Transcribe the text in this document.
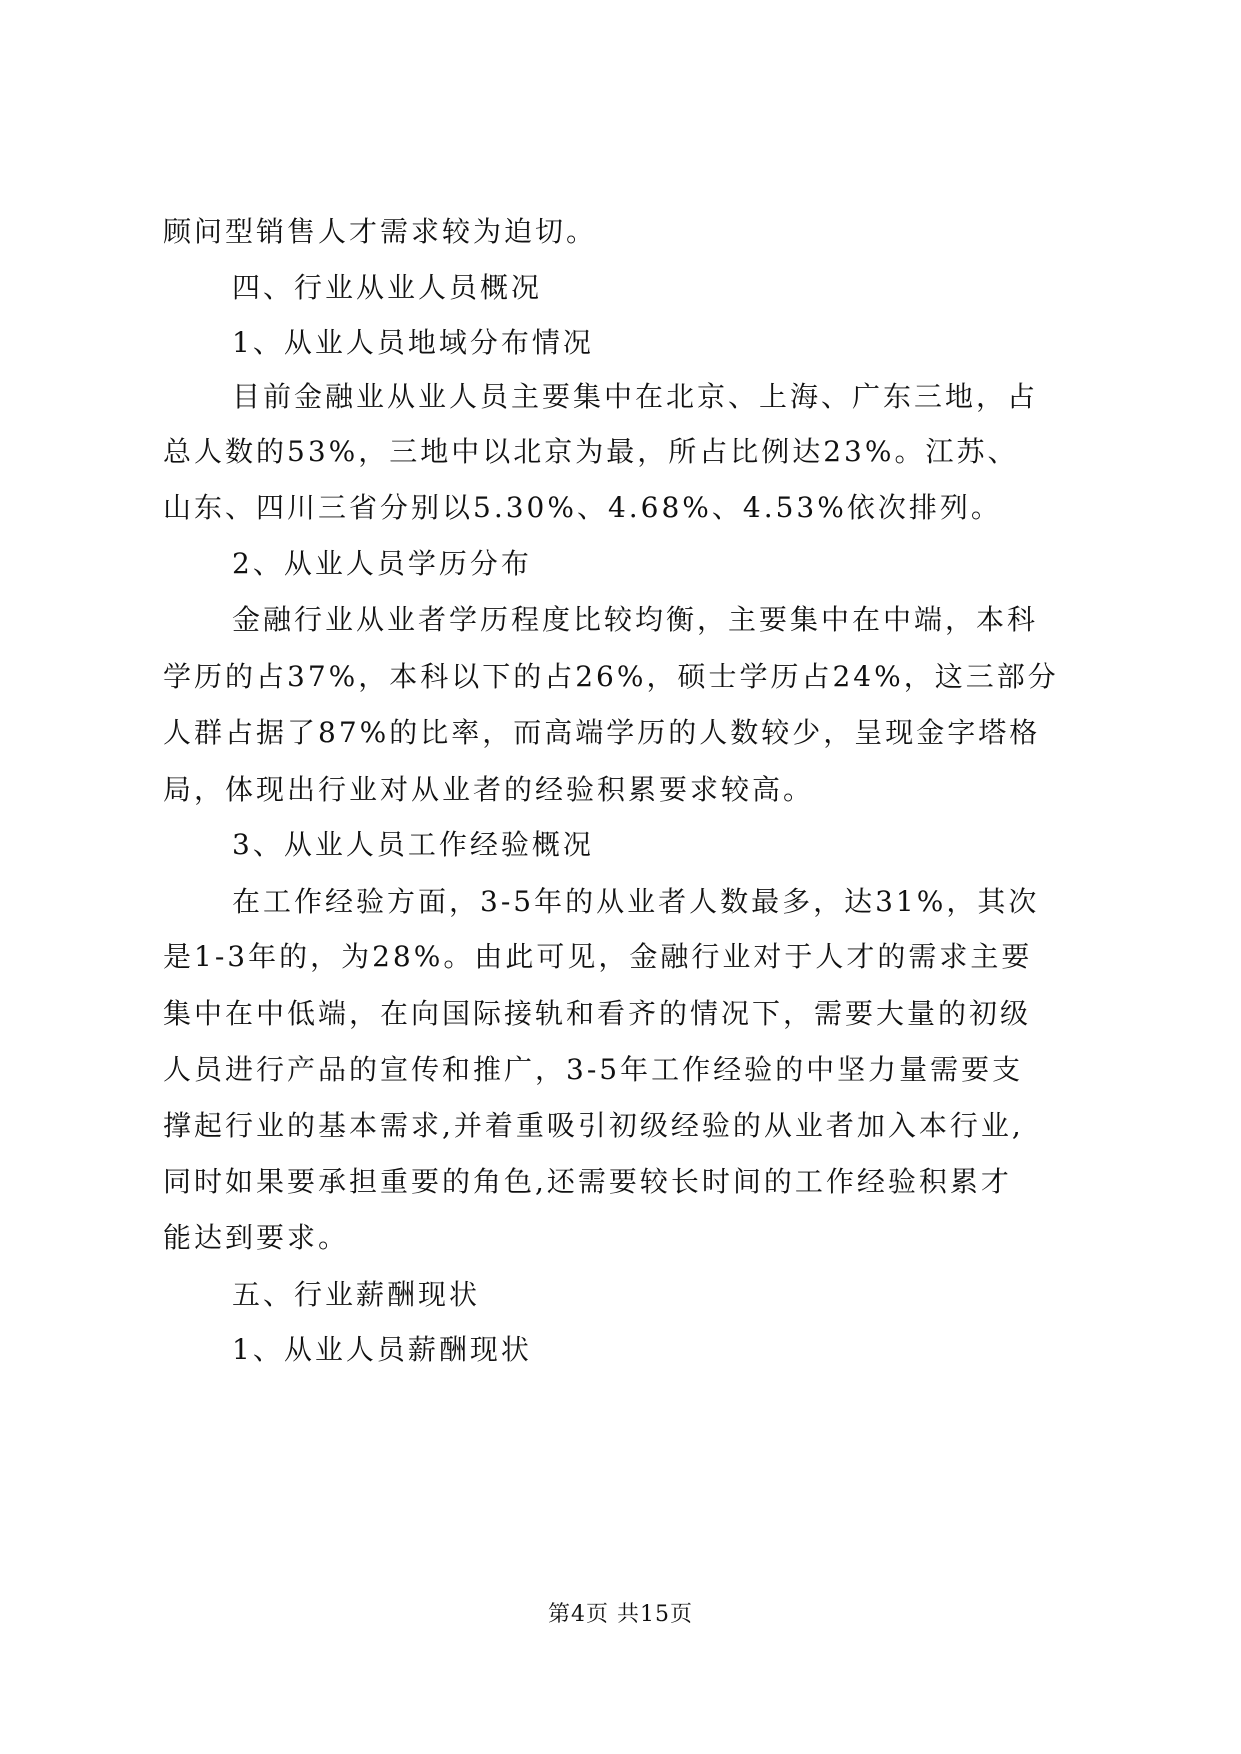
顾问型销售人才需求较为迫切。
四、行业从业人员概况
1、从业人员地域分布情况
目前金融业从业人员主要集中在北京、上海、广东三地，占
总人数的53%，三地中以北京为最，所占比例达23%。江苏、
山东、四川三省分别以5.30%、4.68%、4.53%依次排列。
2、从业人员学历分布
金融行业从业者学历程度比较均衡，主要集中在中端，本科
学历的占37%，本科以下的占26%，硕士学历占24%，这三部分
人群占据了87%的比率，而高端学历的人数较少，呈现金字塔格
局，体现出行业对从业者的经验积累要求较高。
3、从业人员工作经验概况
在工作经验方面，3-5年的从业者人数最多，达31%，其次
是1-3年的，为28%。由此可见，金融行业对于人才的需求主要
集中在中低端，在向国际接轨和看齐的情况下，需要大量的初级
人员进行产品的宣传和推广，3-5年工作经验的中坚力量需要支
撑起行业的基本需求,并着重吸引初级经验的从业者加入本行业,
同时如果要承担重要的角色,还需要较长时间的工作经验积累才
能达到要求。
五、行业薪酬现状
1、从业人员薪酬现状
第4页 共15页
